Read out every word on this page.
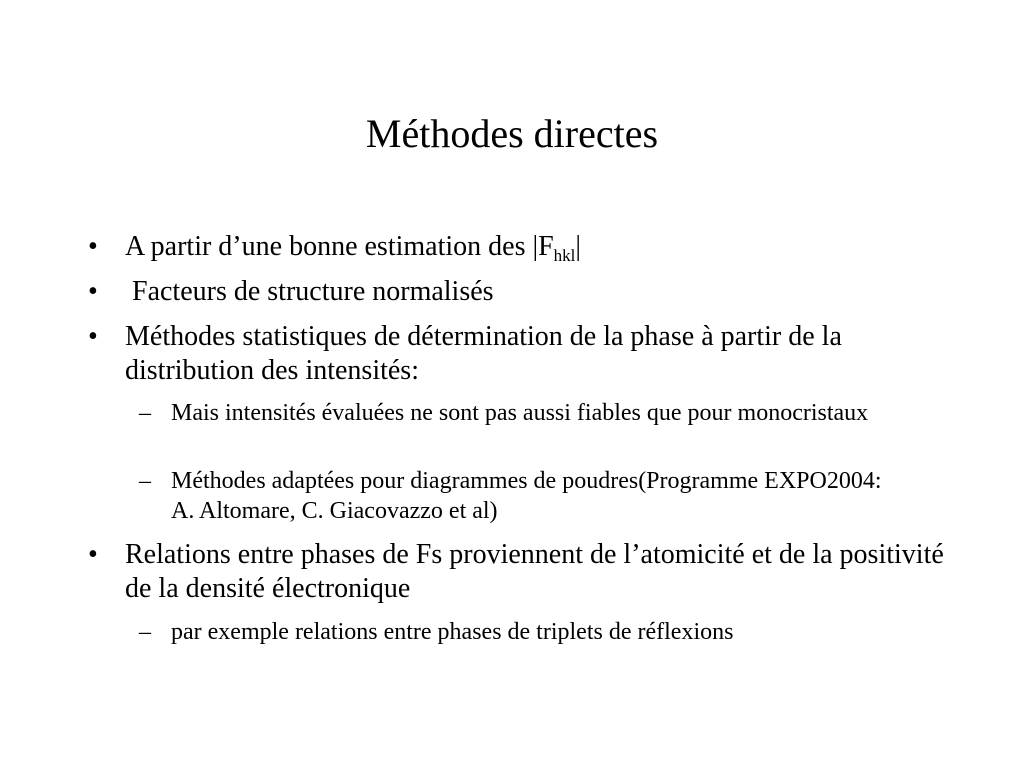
Méthodes directes
• A partir d’une bonne estimation des $|F_{hkl}|$
• Facteurs de structure normalisés
• Méthodes statistiques de détermination de la phase à partir de la distribution des intensités:
– Mais intensités évaluées ne sont pas aussi fiables que pour monocristaux
– Méthodes adaptées pour diagrammes de poudres(Programme EXPO2004: A. Altomare, C. Giacovazzo et al)
• Relations entre phases de Fs proviennent de l’atomicité et de la positivité de la densité électronique
– par exemple relations entre phases de triplets de réflexions
